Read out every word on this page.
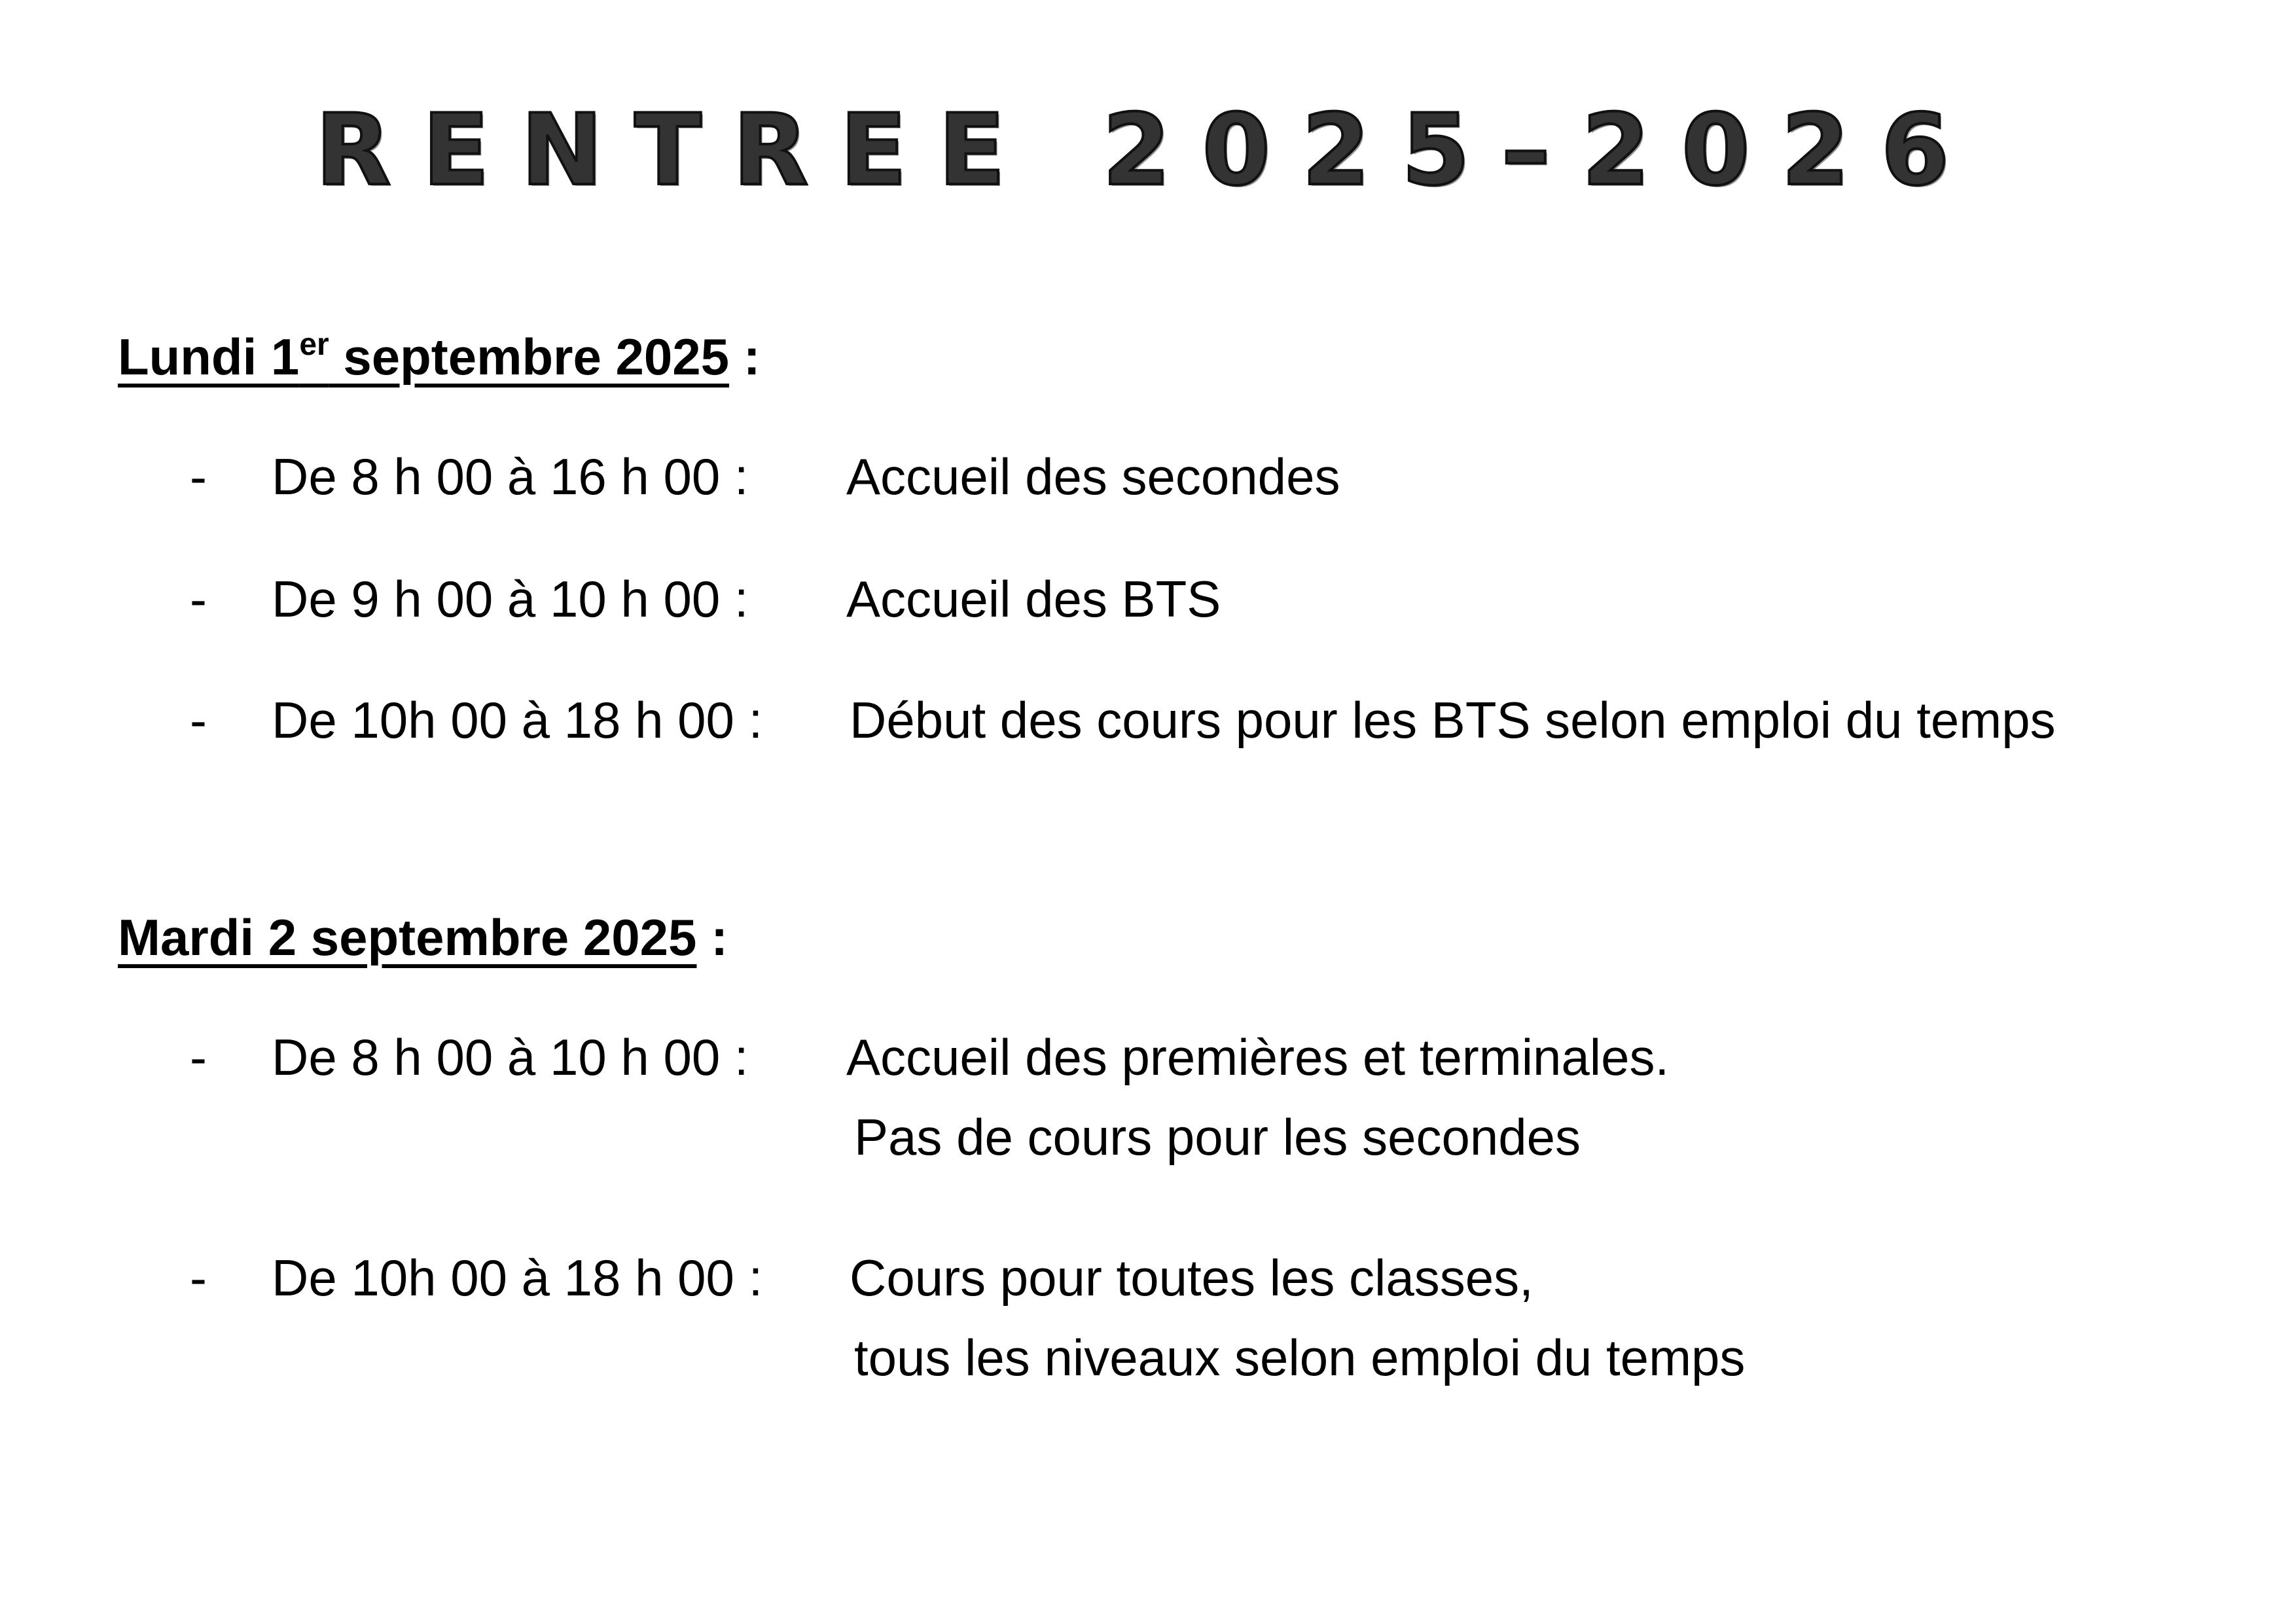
RENTREE 2025–2026
Lundi 1er septembre 2025 :
- De 8 h 00 à 16 h 00 : Accueil des secondes
- De 9 h 00 à 10 h 00 : Accueil des BTS
- De 10h 00 à 18 h 00 : Début des cours pour les BTS selon emploi du temps
Mardi 2 septembre 2025 :
- De 8 h 00 à 10 h 00 : Accueil des premières et terminales.
Pas de cours pour les secondes
- De 10h 00 à 18 h 00 : Cours pour toutes les classes,
tous les niveaux selon emploi du temps
